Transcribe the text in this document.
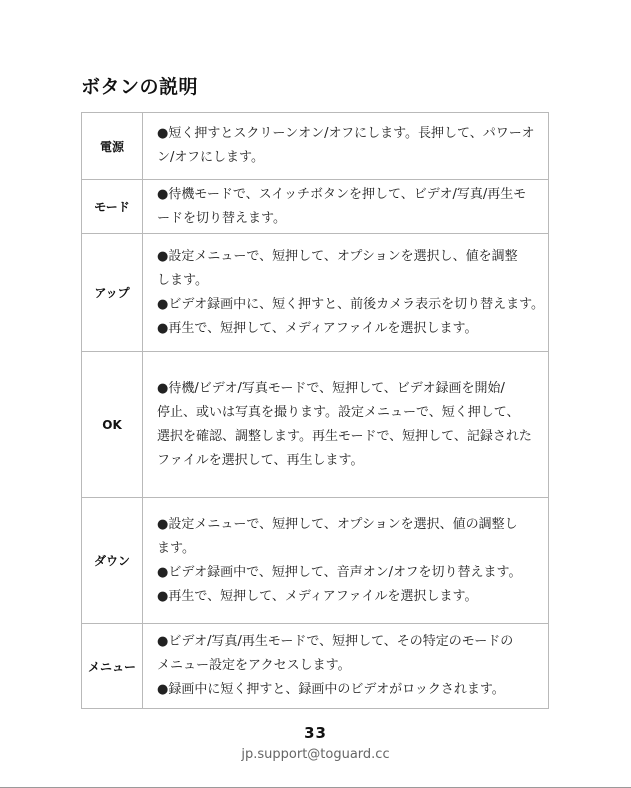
ボタンの説明
電源	●短く押すとスクリーンオン/オフにします。長押して、パワーオ
ン/オフにします。

モード	●待機モードで、スイッチボタンを押して、ビデオ/写真/再生モ
ードを切り替えます。

アップ	●設定メニューで、短押して、オプションを選択し、値を調整
します。
●ビデオ録画中に、短く押すと、前後カメラ表示を切り替えます。
●再生で、短押して、メディアファイルを選択します。

OK	●待機/ビデオ/写真モードで、短押して、ビデオ録画を開始/
停止、或いは写真を撮ります。設定メニューで、短く押して、
選択を確認、調整します。再生モードで、短押して、記録された
ファイルを選択して、再生します。

ダウン	●設定メニューで、短押して、オプションを選択、値の調整し
ます。
●ビデオ録画中で、短押して、音声オン/オフを切り替えます。
●再生で、短押して、メディアファイルを選択します。

メニュー	●ビデオ/写真/再生モードで、短押して、その特定のモードの
メニュー設定をアクセスします。
●録画中に短く押すと、録画中のビデオがロックされます。
33
jp.support@toguard.cc
